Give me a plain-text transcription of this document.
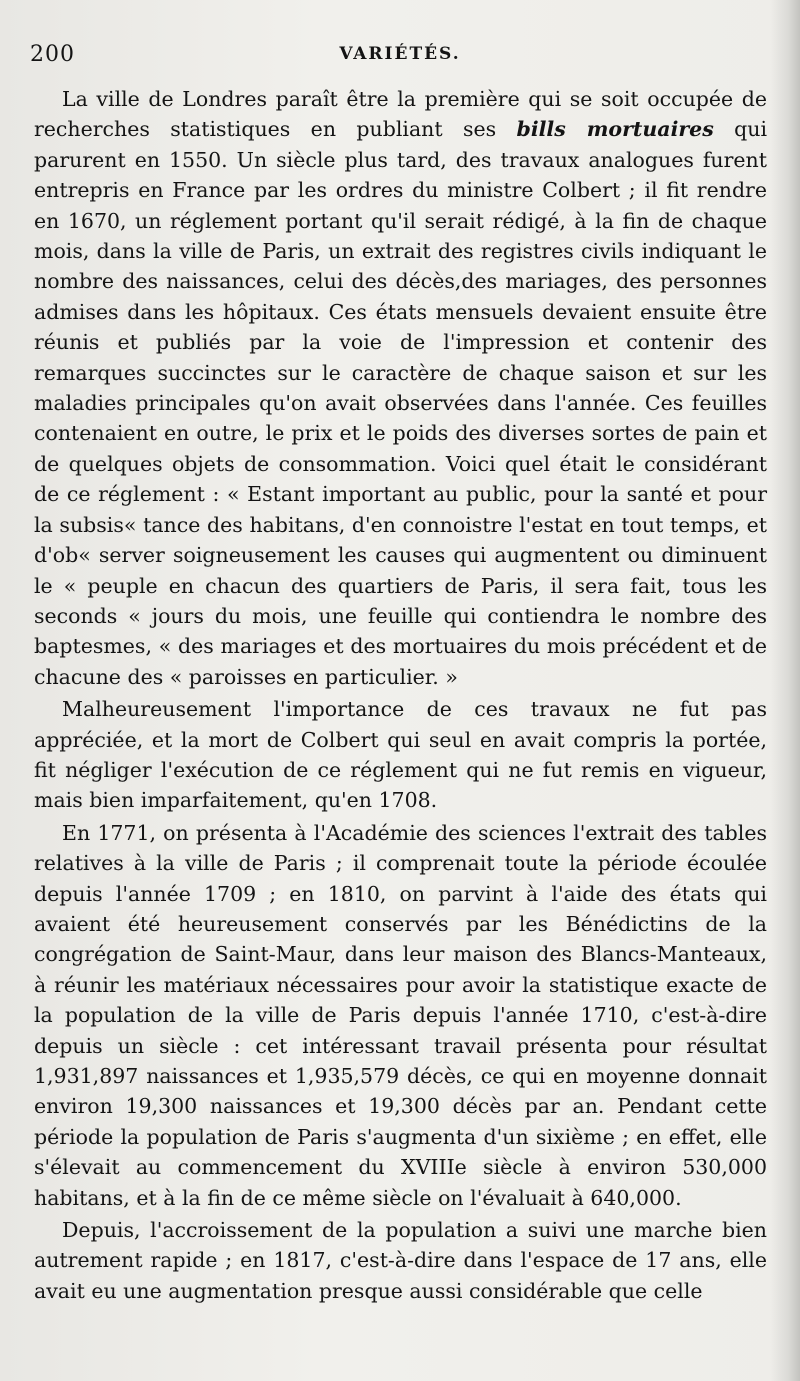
200	VARIÉTÉS.

La ville de Londres paraît être la première qui se soit occupée de recherches statistiques en publiant ses bills mortuaires qui parurent en 1550. Un siècle plus tard, des travaux analogues furent entrepris en France par les ordres du ministre Colbert ; il fit rendre en 1670, un réglement portant qu'il serait rédigé, à la fin de chaque mois, dans la ville de Paris, un extrait des registres civils indiquant le nombre des naissances, celui des décès,des mariages, des personnes admises dans les hôpitaux. Ces états mensuels devaient ensuite être réunis et publiés par la voie de l'impression et contenir des remarques succinctes sur le caractère de chaque saison et sur les maladies principales qu'on avait observées dans l'année. Ces feuilles contenaient en outre, le prix et le poids des diverses sortes de pain et de quelques objets de consommation. Voici quel était le considérant de ce réglement : « Estant important au public, pour la santé et pour la subsis« tance des habitans, d'en connoistre l'estat en tout temps, et d'ob« server soigneusement les causes qui augmentent ou diminuent le « peuple en chacun des quartiers de Paris, il sera fait, tous les seconds « jours du mois, une feuille qui contiendra le nombre des baptesmes, « des mariages et des mortuaires du mois précédent et de chacune des « paroisses en particulier. »

Malheureusement l'importance de ces travaux ne fut pas appréciée, et la mort de Colbert qui seul en avait compris la portée, fit négliger l'exécution de ce réglement qui ne fut remis en vigueur, mais bien imparfaitement, qu'en 1708.

En 1771, on présenta à l'Académie des sciences l'extrait des tables relatives à la ville de Paris ; il comprenait toute la période écoulée depuis l'année 1709 ; en 1810, on parvint à l'aide des états qui avaient été heureusement conservés par les Bénédictins de la congrégation de Saint-Maur, dans leur maison des Blancs-Manteaux, à réunir les matériaux nécessaires pour avoir la statistique exacte de la population de la ville de Paris depuis l'année 1710, c'est-à-dire depuis un siècle : cet intéressant travail présenta pour résultat 1,931,897 naissances et 1,935,579 décès, ce qui en moyenne donnait environ 19,300 naissances et 19,300 décès par an. Pendant cette période la population de Paris s'augmenta d'un sixième ; en effet, elle s'élevait au commencement du XVIIIe siècle à environ 530,000 habitans, et à la fin de ce même siècle on l'évaluait à 640,000.

Depuis, l'accroissement de la population a suivi une marche bien autrement rapide ; en 1817, c'est-à-dire dans l'espace de 17 ans, elle avait eu une augmentation presque aussi considérable que celle
